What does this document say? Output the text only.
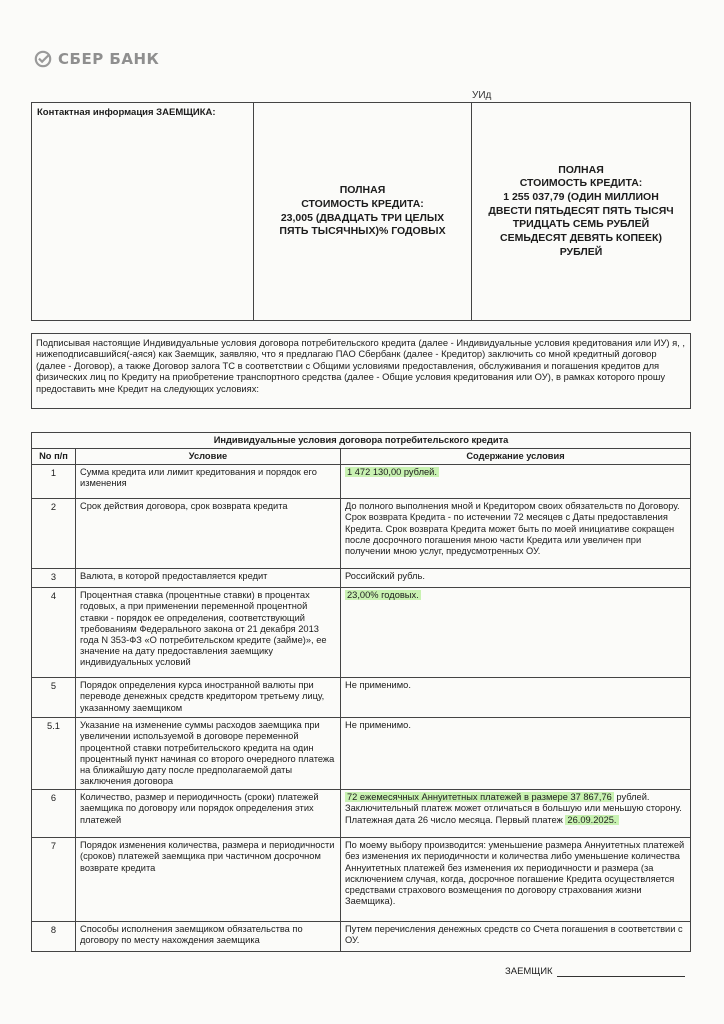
СБЕР БАНК
УИд
Контактная информация ЗАЕМЩИКА:
ПОЛНАЯ
СТОИМОСТЬ КРЕДИТА:
23,005 (ДВАДЦАТЬ ТРИ ЦЕЛЫХ
ПЯТЬ ТЫСЯЧНЫХ)% ГОДОВЫХ
ПОЛНАЯ
СТОИМОСТЬ КРЕДИТА:
1 255 037,79 (ОДИН МИЛЛИОН
ДВЕСТИ ПЯТЬДЕСЯТ ПЯТЬ ТЫСЯЧ
ТРИДЦАТЬ СЕМЬ РУБЛЕЙ
СЕМЬДЕСЯТ ДЕВЯТЬ КОПЕЕК)
РУБЛЕЙ
Подписывая настоящие Индивидуальные условия договора потребительского кредита (далее - Индивидуальные условия кредитования или ИУ) я, , нижеподписавшийся(-аяся) как Заемщик, заявляю, что я предлагаю ПАО Сбербанк (далее - Кредитор) заключить со мной кредитный договор (далее - Договор), а также Договор залога ТС в соответствии с Общими условиями предоставления, обслуживания и погашения кредитов для физических лиц по Кредиту на приобретение транспортного средства (далее - Общие условия кредитования или ОУ), в рамках которого прошу предоставить мне Кредит на следующих условиях:
Индивидуальные условия договора потребительского кредита		
No п/п	Условие	Содержание условия
1	Сумма кредита или лимит кредитования и порядок его изменения	1 472 130,00 рублей.
2	Срок действия договора, срок возврата кредита	До полного выполнения мной и Кредитором своих обязательств по Договору. Срок возврата Кредита - по истечении 72 месяцев с Даты предоставления Кредита. Срок возврата Кредита может быть по моей инициативе сокращен после досрочного погашения мною части Кредита или увеличен при получении мною услуг, предусмотренных ОУ.
3	Валюта, в которой предоставляется кредит	Российский рубль.
4	Процентная ставка (процентные ставки) в процентах годовых, а при применении переменной процентной ставки - порядок ее определения, соответствующий требованиям Федерального закона от 21 декабря 2013 года N 353-ФЗ «О потребительском кредите (займе)», ее значение на дату предоставления заемщику индивидуальных условий	23,00% годовых.
5	Порядок определения курса иностранной валюты при переводе денежных средств кредитором третьему лицу, указанному заемщиком	Не применимо.
5.1	Указание на изменение суммы расходов заемщика при увеличении используемой в договоре переменной процентной ставки потребительского кредита на один процентный пункт начиная со второго очередного платежа на ближайшую дату после предполагаемой даты заключения договора	Не применимо.
6	Количество, размер и периодичность (сроки) платежей заемщика по договору или порядок определения этих платежей	72 ежемесячных Аннуитетных платежей в размере 37 867,76 рублей. Заключительный платеж может отличаться в большую или меньшую сторону. Платежная дата 26 число месяца. Первый платеж 26.09.2025.
7	Порядок изменения количества, размера и периодичности (сроков) платежей заемщика при частичном досрочном возврате кредита	По моему выбору производится: уменьшение размера Аннуитетных платежей без изменения их периодичности и количества либо уменьшение количества Аннуитетных платежей без изменения их периодичности и размера (за исключением случая, когда, досрочное погашение Кредита осуществляется средствами страхового возмещения по договору страхования жизни Заемщика).
8	Способы исполнения заемщиком обязательства по договору по месту нахождения заемщика	Путем перечисления денежных средств со Счета погашения в соответствии с ОУ.
ЗАЕМЩИК
